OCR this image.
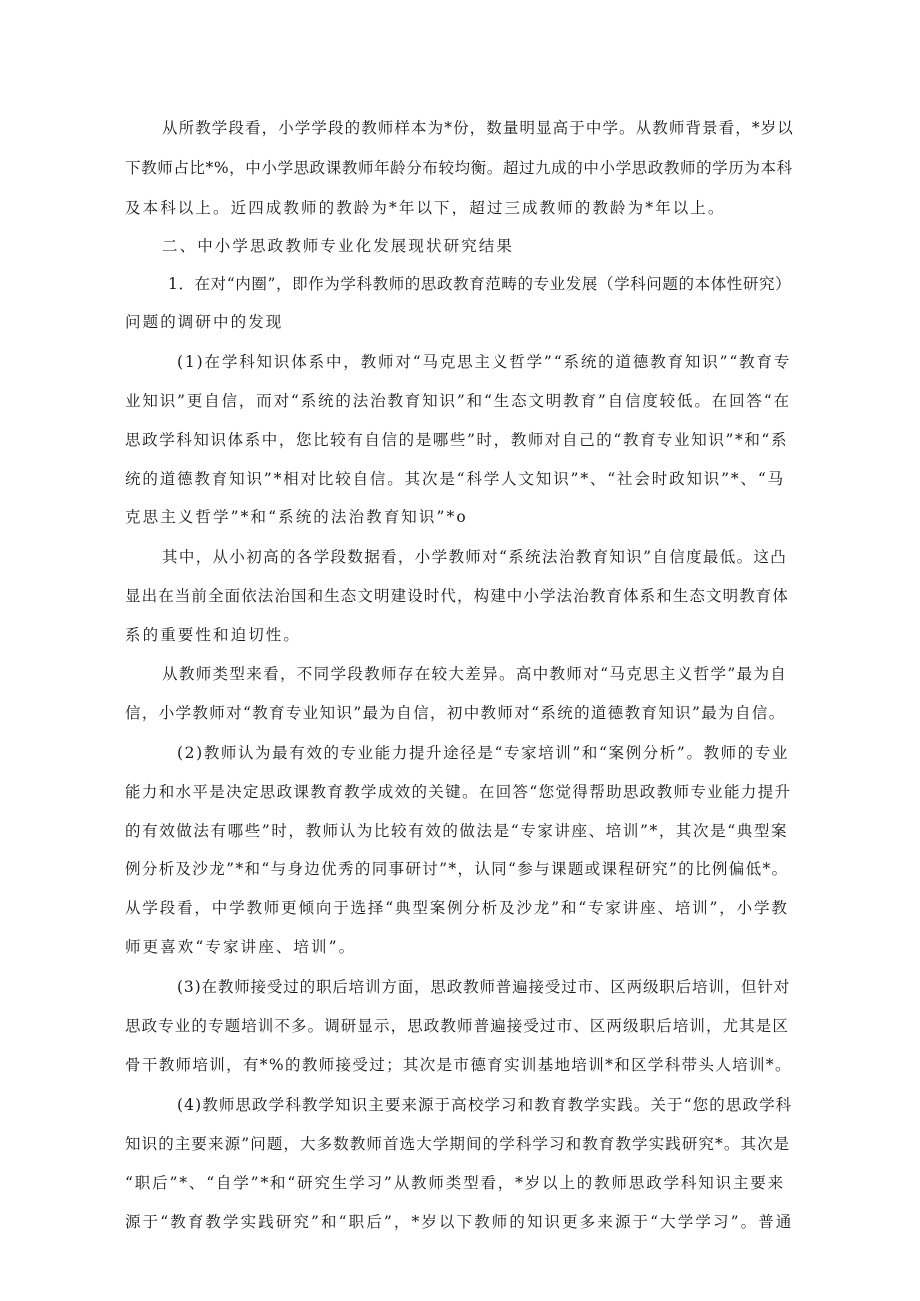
从所教学段看，小学学段的教师样本为*份，数量明显高于中学。从教师背景看，*岁以
下教师占比*%，中小学思政课教师年龄分布较均衡。超过九成的中小学思政教师的学历为本科
及本科以上。近四成教师的教龄为*年以下，超过三成教师的教龄为*年以上。
二、中小学思政教师专业化发展现状研究结果
1．在对“内圈”，即作为学科教师的思政教育范畴的专业发展（学科问题的本体性研究）
问题的调研中的发现
(1)在学科知识体系中，教师对“马克思主义哲学”“系统的道德教育知识”“教育专
业知识”更自信，而对“系统的法治教育知识”和“生态文明教育”自信度较低。在回答“在
思政学科知识体系中，您比较有自信的是哪些”时，教师对自己的“教育专业知识”*和“系
统的道德教育知识”*相对比较自信。其次是“科学人文知识”*、“社会时政知识”*、“马
克思主义哲学”*和“系统的法治教育知识”*o
其中，从小初高的各学段数据看，小学教师对“系统法治教育知识”自信度最低。这凸
显出在当前全面依法治国和生态文明建设时代，构建中小学法治教育体系和生态文明教育体
系的重要性和迫切性。
从教师类型来看，不同学段教师存在较大差异。高中教师对“马克思主义哲学”最为自
信，小学教师对“教育专业知识”最为自信，初中教师对“系统的道德教育知识”最为自信。
(2)教师认为最有效的专业能力提升途径是“专家培训”和“案例分析”。教师的专业
能力和水平是决定思政课教育教学成效的关键。在回答“您觉得帮助思政教师专业能力提升
的有效做法有哪些”时，教师认为比较有效的做法是“专家讲座、培训”*，其次是“典型案
例分析及沙龙”*和“与身边优秀的同事研讨”*，认同“参与课题或课程研究”的比例偏低*。
从学段看，中学教师更倾向于选择“典型案例分析及沙龙”和“专家讲座、培训”，小学教
师更喜欢“专家讲座、培训”。
(3)在教师接受过的职后培训方面，思政教师普遍接受过市、区两级职后培训，但针对
思政专业的专题培训不多。调研显示，思政教师普遍接受过市、区两级职后培训，尤其是区
骨干教师培训，有*%的教师接受过；其次是市德育实训基地培训*和区学科带头人培训*。
(4)教师思政学科教学知识主要来源于高校学习和教育教学实践。关于“您的思政学科
知识的主要来源”问题，大多数教师首选大学期间的学科学习和教育教学实践研究*。其次是
“职后”*、“自学”*和“研究生学习”从教师类型看，*岁以上的教师思政学科知识主要来
源于“教育教学实践研究”和“职后”，*岁以下教师的知识更多来源于“大学学习”。普通
